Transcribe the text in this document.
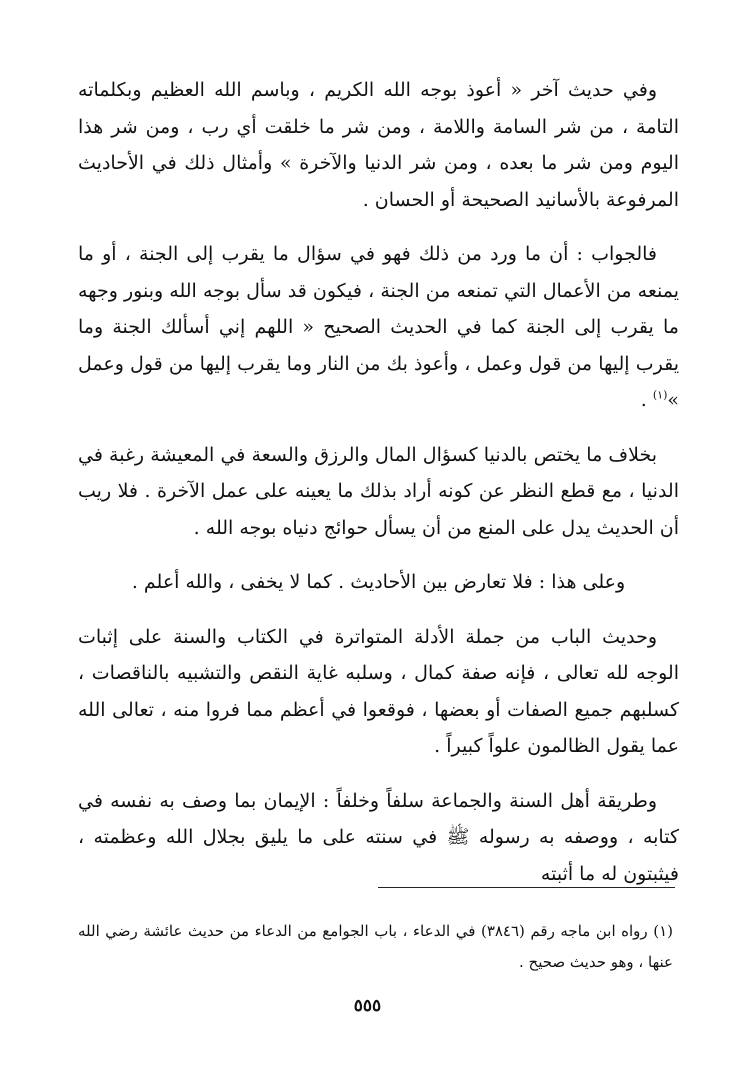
وفي حديث آخر « أعوذ بوجه الله الكريم ، وباسم الله العظيم وبكلماته التامة ، من شر السامة واللامة ، ومن شر ما خلقت أي رب ، ومن شر هذا اليوم ومن شر ما بعده ، ومن شر الدنيا والآخرة » وأمثال ذلك في الأحاديث المرفوعة بالأسانيد الصحيحة أو الحسان .

فالجواب : أن ما ورد من ذلك فهو في سؤال ما يقرب إلى الجنة ، أو ما يمنعه من الأعمال التي تمنعه من الجنة ، فيكون قد سأل بوجه الله وبنور وجهه ما يقرب إلى الجنة كما في الحديث الصحيح « اللهم إني أسألك الجنة وما يقرب إليها من قول وعمل ، وأعوذ بك من النار وما يقرب إليها من قول وعمل »$^{(١)}$ .

بخلاف ما يختص بالدنيا كسؤال المال والرزق والسعة في المعيشة رغبة في الدنيا ، مع قطع النظر عن كونه أراد بذلك ما يعينه على عمل الآخرة . فلا ريب أن الحديث يدل على المنع من أن يسأل حوائج دنياه بوجه الله .

وعلى هذا : فلا تعارض بين الأحاديث . كما لا يخفى ، والله أعلم .

وحديث الباب من جملة الأدلة المتواترة في الكتاب والسنة على إثبات الوجه لله تعالى ، فإنه صفة كمال ، وسلبه غاية النقص والتشبيه بالناقصات ، كسلبهم جميع الصفات أو بعضها ، فوقعوا في أعظم مما فروا منه ، تعالى الله عما يقول الظالمون علواً كبيراً .

وطريقة أهل السنة والجماعة سلفاً وخلفاً : الإيمان بما وصف به نفسه في كتابه ، ووصفه به رسوله ﷺ في سنته على ما يليق بجلال الله وعظمته ، فيثبتون له ما أثبته

(١) رواه ابن ماجه رقم (٣٨٤٦) في الدعاء ، باب الجوامع من الدعاء من حديث عائشة رضي الله عنها ، وهو حديث صحيح .
٥٥٥
